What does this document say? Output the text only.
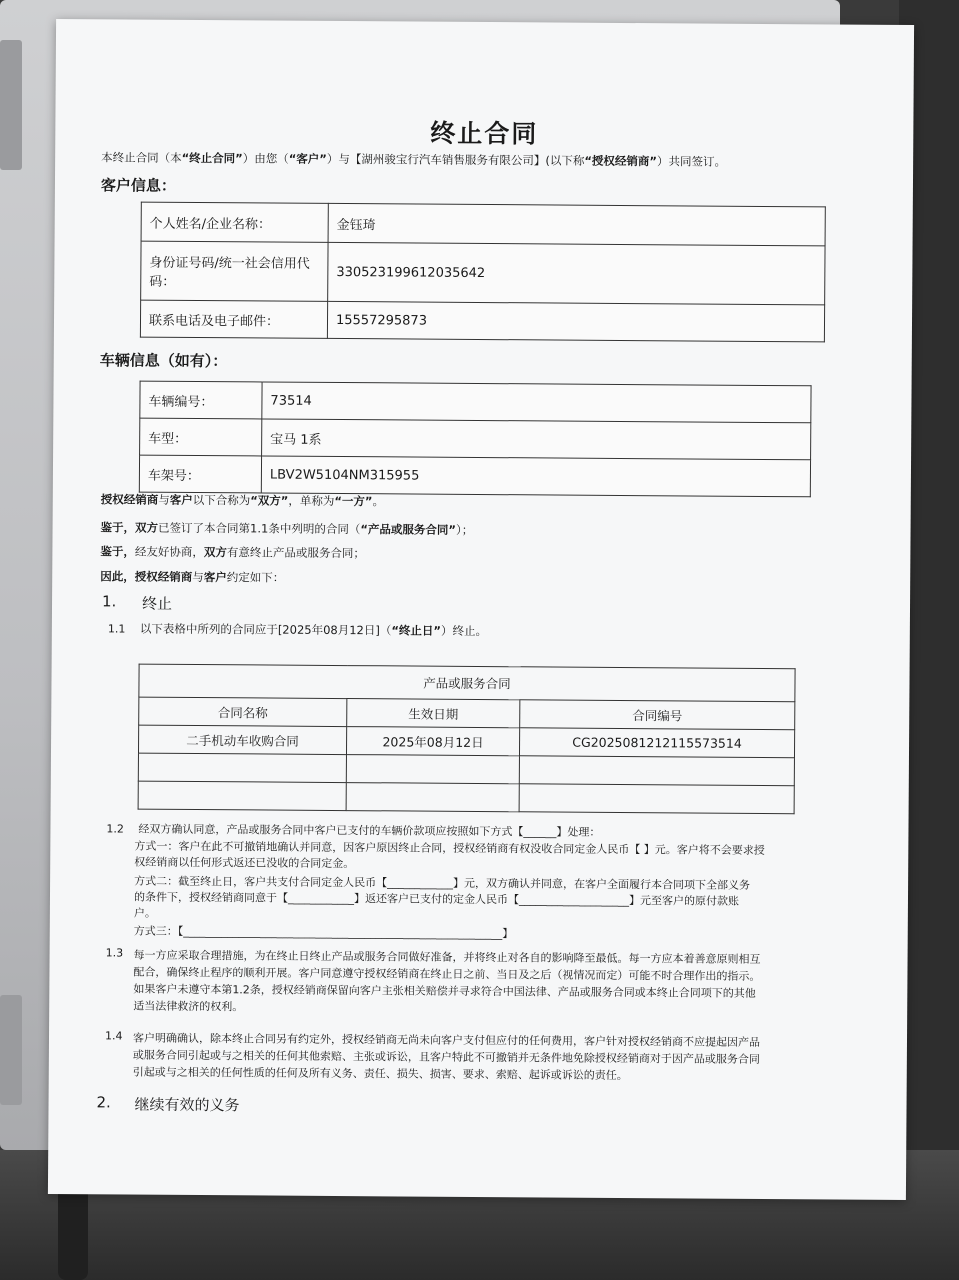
终止合同
本终止合同（本“终止合同”）由您（“客户”）与【湖州骏宝行汽车销售服务有限公司】(以下称“授权经销商”）共同签订。
客户信息：
个人姓名/企业名称：	金钰琦
身份证号码/统一社会信用代码：	330523199612035642
联系电话及电子邮件：	15557295873
车辆信息（如有）：
车辆编号：	73514
车型：	宝马 1系
车架号：	LBV2W5104NM315955
授权经销商与客户以下合称为“双方”，单称为“一方”。
鉴于，双方已签订了本合同第1.1条中列明的合同（“产品或服务合同”）；
鉴于，经友好协商，双方有意终止产品或服务合同；
因此，授权经销商与客户约定如下：
1. 终止
1.1 以下表格中所列的合同应于[2025年08月12日]（“终止日”）终止。
产品或服务合同		
合同名称	生效日期	合同编号
二手机动车收购合同	2025年08月12日	CG20250812121155735​14

1.2 经双方确认同意，产品或服务合同中客户已支付的车辆价款项应按照如下方式【______】处理：
方式一：客户在此不可撤销地确认并同意，因客户原因终止合同，授权经销商有权没收合同定金人民币【 】元。客户将不会要求授
权经销商以任何形式返还已没收的合同定金。
方式二：截至终止日，客户共支付合同定金人民币【____________】元，双方确认并同意，在客户全面履行本合同项下全部义务
的条件下，授权经销商同意于【____________】返还客户已支付的定金人民币【____________________】元至客户的原付款账
户。
方式三：【__________________________________________________________】
1.3 每一方应采取合理措施，为在终止日终止产品或服务合同做好准备，并将终止对各自的影响降至最低。每一方应本着善意原则相互
配合，确保终止程序的顺利开展。客户同意遵守授权经销商在终止日之前、当日及之后（视情况而定）可能不时合理作出的指示。
如果客户未遵守本第1.2条，授权经销商保留向客户主张相关赔偿并寻求符合中国法律、产品或服务合同或本终止合同项下的其他
适当法律救济的权利。
1.4 客户明确确认，除本终止合同另有约定外，授权经销商无尚未向客户支付但应付的任何费用，客户针对授权经销商不应提起因产品
或服务合同引起或与之相关的任何其他索赔、主张或诉讼，且客户特此不可撤销并无条件地免除授权经销商对于因产品或服务合同
引起或与之相关的任何性质的任何及所有义务、责任、损失、损害、要求、索赔、起诉或诉讼的责任。
2. 继续有效的义务
